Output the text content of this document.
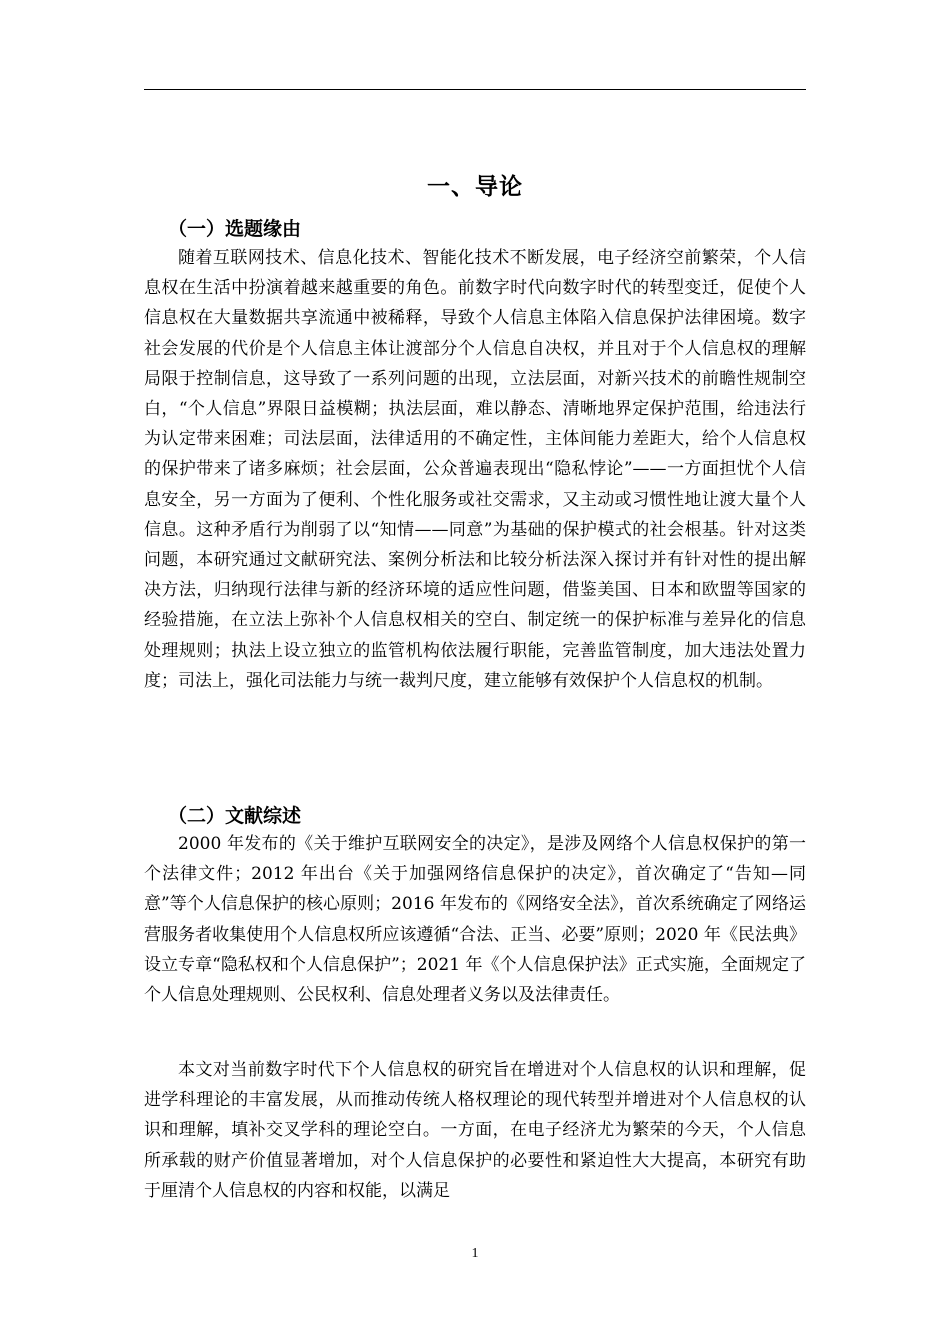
一、导论
（一）选题缘由

随着互联网技术、信息化技术、智能化技术不断发展，电子经济空前繁荣，个人信息权在生活中扮演着越来越重要的角色。前数字时代向数字时代的转型变迁，促使个人信息权在大量数据共享流通中被稀释，导致个人信息主体陷入信息保护法律困境。数字社会发展的代价是个人信息主体让渡部分个人信息自决权，并且对于个人信息权的理解局限于控制信息，这导致了一系列问题的出现，立法层面，对新兴技术的前瞻性规制空白，“个人信息”界限日益模糊；执法层面，难以静态、清晰地界定保护范围，给违法行为认定带来困难；司法层面，法律适用的不确定性，主体间能力差距大，给个人信息权的保护带来了诸多麻烦；社会层面，公众普遍表现出“隐私悖论”——一方面担忧个人信息安全，另一方面为了便利、个性化服务或社交需求，又主动或习惯性地让渡大量个人信息。这种矛盾行为削弱了以“知情——同意”为基础的保护模式的社会根基。针对这类问题，本研究通过文献研究法、案例分析法和比较分析法深入探讨并有针对性的提出解决方法，归纳现行法律与新的经济环境的适应性问题，借鉴美国、日本和欧盟等国家的经验措施，在立法上弥补个人信息权相关的空白、制定统一的保护标准与差异化的信息处理规则；执法上设立独立的监管机构依法履行职能，完善监管制度，加大违法处置力度；司法上，强化司法能力与统一裁判尺度，建立能够有效保护个人信息权的机制。

（二）文献综述

2000 年发布的《关于维护互联网安全的决定》，是涉及网络个人信息权保护的第一个法律文件；2012 年出台《关于加强网络信息保护的决定》，首次确定了“告知—同意”等个人信息保护的核心原则；2016 年发布的《网络安全法》，首次系统确定了网络运营服务者收集使用个人信息权所应该遵循“合法、正当、必要”原则；2020 年《民法典》设立专章“隐私权和个人信息保护”；2021 年《个人信息保护法》正式实施，全面规定了个人信息处理规则、公民权利、信息处理者义务以及法律责任。

本文对当前数字时代下个人信息权的研究旨在增进对个人信息权的认识和理解，促进学科理论的丰富发展，从而推动传统人格权理论的现代转型并增进对个人信息权的认识和理解，填补交叉学科的理论空白。一方面，在电子经济尤为繁荣的今天，个人信息所承载的财产价值显著增加，对个人信息保护的必要性和紧迫性大大提高，本研究有助于厘清个人信息权的内容和权能，以满足

1
